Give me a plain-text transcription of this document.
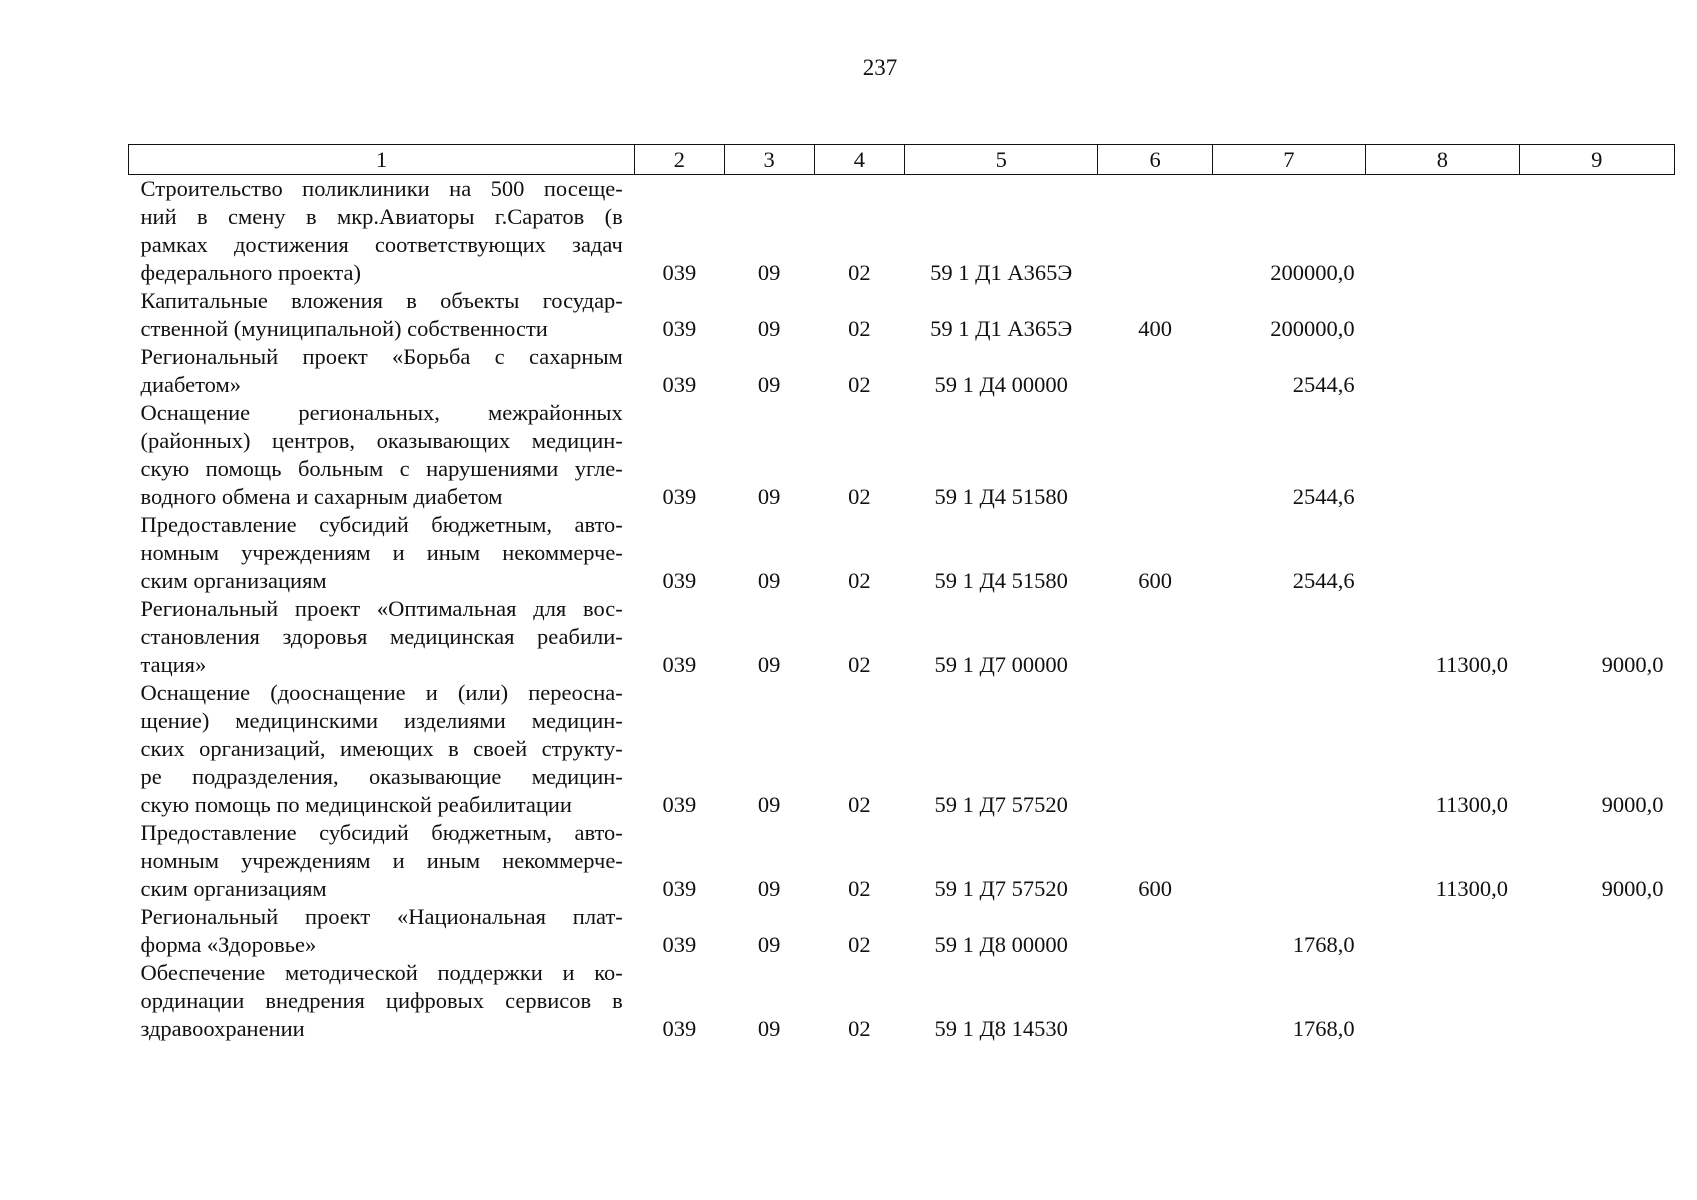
237
1	2	3	4	5	6	7	8	9

Строительство поликлиники на 500 посеще-
ний в смену в мкр.Авиаторы г.Саратов (в
рамках достижения соответствующих задач
федерального проекта)	039	09	02	59 1 Д1 А365Э		200000,0		

Капитальные вложения в объекты государ-
ственной (муниципальной) собственности	039	09	02	59 1 Д1 А365Э	400	200000,0		

Региональный проект «Борьба с сахарным
диабетом»	039	09	02	59 1 Д4 00000		2544,6		

Оснащение региональных, межрайонных
(районных) центров, оказывающих медицин-
скую помощь больным с нарушениями угле-
водного обмена и сахарным диабетом	039	09	02	59 1 Д4 51580		2544,6		

Предоставление субсидий бюджетным, авто-
номным учреждениям и иным некоммерче-
ским организациям	039	09	02	59 1 Д4 51580	600	2544,6		

Региональный проект «Оптимальная для вос-
становления здоровья медицинская реабили-
тация»	039	09	02	59 1 Д7 00000			11300,0	9000,0

Оснащение (дооснащение и (или) переосна-
щение) медицинскими изделиями медицин-
ских организаций, имеющих в своей структу-
ре подразделения, оказывающие медицин-
скую помощь по медицинской реабилитации	039	09	02	59 1 Д7 57520			11300,0	9000,0

Предоставление субсидий бюджетным, авто-
номным учреждениям и иным некоммерче-
ским организациям	039	09	02	59 1 Д7 57520	600		11300,0	9000,0

Региональный проект «Национальная плат-
форма «Здоровье»	039	09	02	59 1 Д8 00000		1768,0		

Обеспечение методической поддержки и ко-
ординации внедрения цифровых сервисов в
здравоохранении	039	09	02	59 1 Д8 14530		1768,0		
